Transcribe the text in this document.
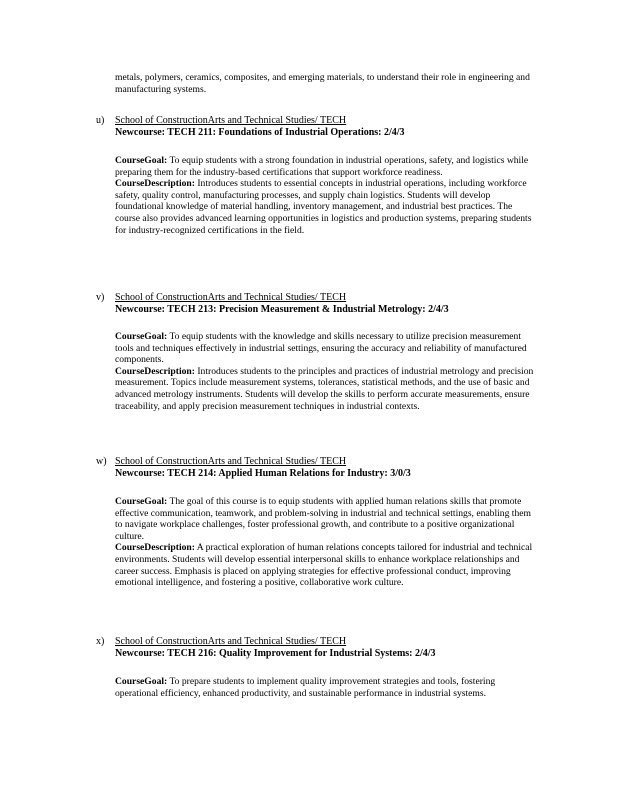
metals, polymers, ceramics, composites, and emerging materials, to understand their role in engineering and manufacturing systems.
u)	School of ConstructionArts and Technical Studies/ TECH
Newcourse: TECH 211: Foundations of Industrial Operations: 2/4/3

CourseGoal: To equip students with a strong foundation in industrial operations, safety, and logistics while preparing them for the industry-based certifications that support workforce readiness.

CourseDescription: Introduces students to essential concepts in industrial operations, including workforce safety, quality control, manufacturing processes, and supply chain logistics. Students will develop foundational knowledge of material handling, inventory management, and industrial best practices. The course also provides advanced learning opportunities in logistics and production systems, preparing students for industry-recognized certifications in the field.

v)	School of ConstructionArts and Technical Studies/ TECH
Newcourse: TECH 213: Precision Measurement & Industrial Metrology: 2/4/3

CourseGoal: To equip students with the knowledge and skills necessary to utilize precision measurement tools and techniques effectively in industrial settings, ensuring the accuracy and reliability of manufactured components.

CourseDescription: Introduces students to the principles and practices of industrial metrology and precision measurement. Topics include measurement systems, tolerances, statistical methods, and the use of basic and advanced metrology instruments. Students will develop the skills to perform accurate measurements, ensure traceability, and apply precision measurement techniques in industrial contexts.

w) School of ConstructionArts and Technical Studies/ TECH
Newcourse: TECH 214: Applied Human Relations for Industry: 3/0/3

CourseGoal: The goal of this course is to equip students with applied human relations skills that promote effective communication, teamwork, and problem-solving in industrial and technical settings, enabling them to navigate workplace challenges, foster professional growth, and contribute to a positive organizational culture.

CourseDescription: A practical exploration of human relations concepts tailored for industrial and technical environments. Students will develop essential interpersonal skills to enhance workplace relationships and career success. Emphasis is placed on applying strategies for effective professional conduct, improving emotional intelligence, and fostering a positive, collaborative work culture.

x)	School of ConstructionArts and Technical Studies/ TECH
Newcourse: TECH 216: Quality Improvement for Industrial Systems: 2/4/3

CourseGoal: To prepare students to implement quality improvement strategies and tools, fostering operational efficiency, enhanced productivity, and sustainable performance in industrial systems.
